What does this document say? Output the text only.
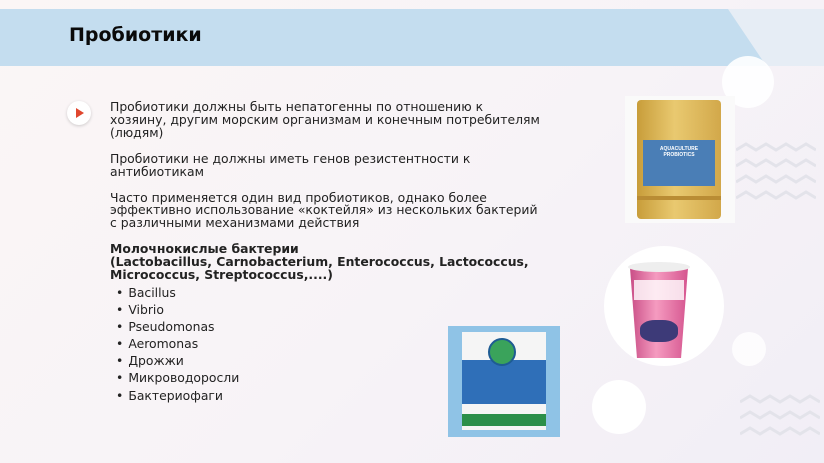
Пробиотики

Пробиотики должны быть непатогенны по отношению к хозяину, другим морским организмам и конечным потребителям (людям)

Пробиотики не должны иметь генов резистентности к антибиотикам

Часто применяется один вид пробиотиков, однако более эффективно использование «коктейля» из нескольких бактерий с различными механизмами действия

Молочнокислые бактерии

(Lactobacillus, Carnobacterium, Enterococcus, Lactococcus, Micrococcus, Streptococcus,....)

• Bacillus
• Vibrio
• Pseudomonas
• Aeromonas
• Дрожжи
• Микроводоросли
• Бактериофаги
AQUACULTURE PROBIOTICS
